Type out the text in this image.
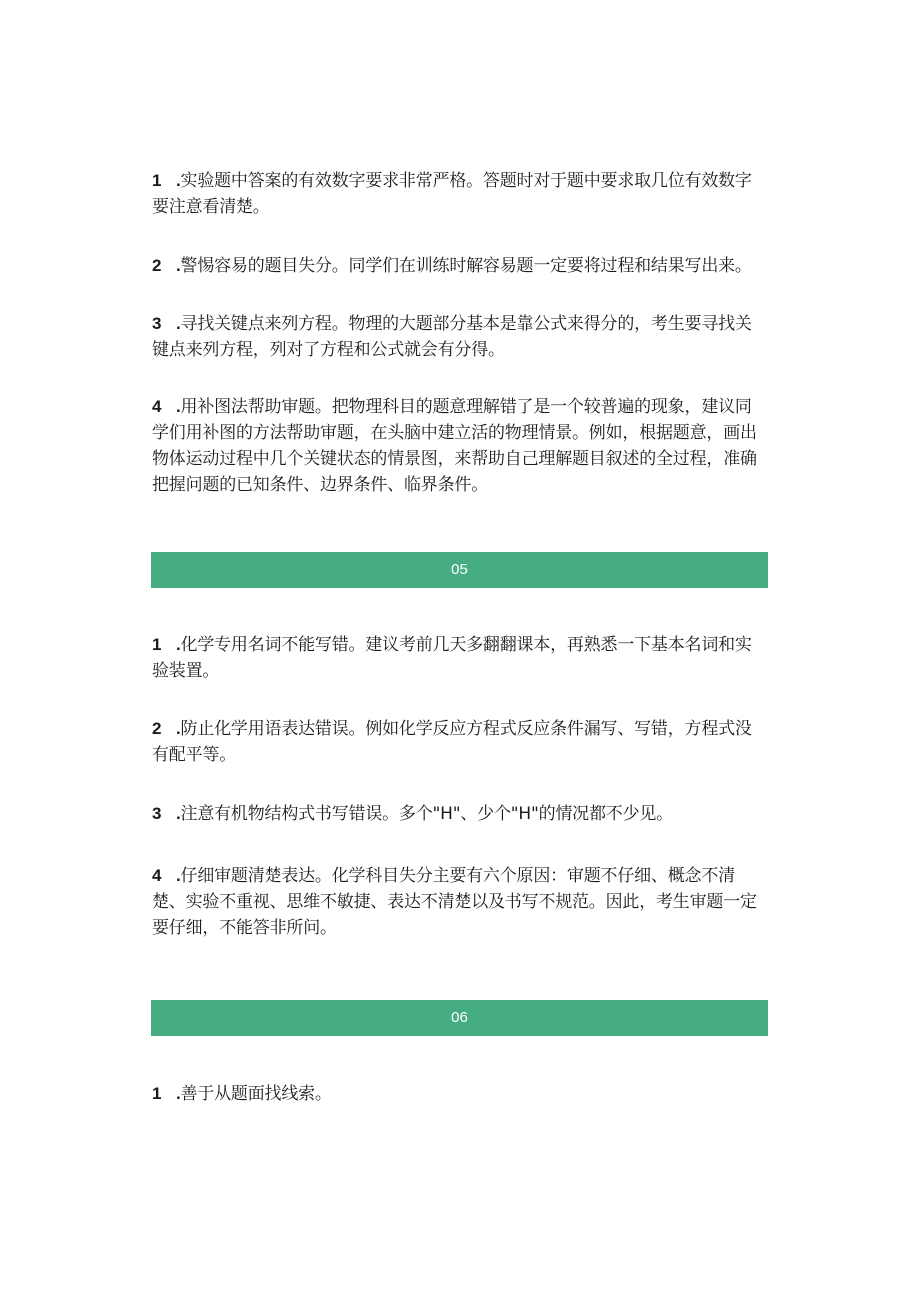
1 .实验题中答案的有效数字要求非常严格。答题时对于题中要求取几位有效数字要注意看清楚。

2 .警惕容易的题目失分。同学们在训练时解容易题一定要将过程和结果写出来。

3 .寻找关键点来列方程。物理的大题部分基本是靠公式来得分的，考生要寻找关键点来列方程，列对了方程和公式就会有分得。

4 .用补图法帮助审题。把物理科目的题意理解错了是一个较普遍的现象，建议同学们用补图的方法帮助审题，在头脑中建立活的物理情景。例如，根据题意，画出物体运动过程中几个关键状态的情景图，来帮助自己理解题目叙述的全过程，准确把握问题的已知条件、边界条件、临界条件。

05

1 .化学专用名词不能写错。建议考前几天多翻翻课本，再熟悉一下基本名词和实验装置。

2 .防止化学用语表达错误。例如化学反应方程式反应条件漏写、写错，方程式没有配平等。

3 .注意有机物结构式书写错误。多个"H"、少个"H"的情况都不少见。

4 .仔细审题清楚表达。化学科目失分主要有六个原因：审题不仔细、概念不清楚、实验不重视、思维不敏捷、表达不清楚以及书写不规范。因此，考生审题一定要仔细，不能答非所问。

06

1 .善于从题面找线索。
